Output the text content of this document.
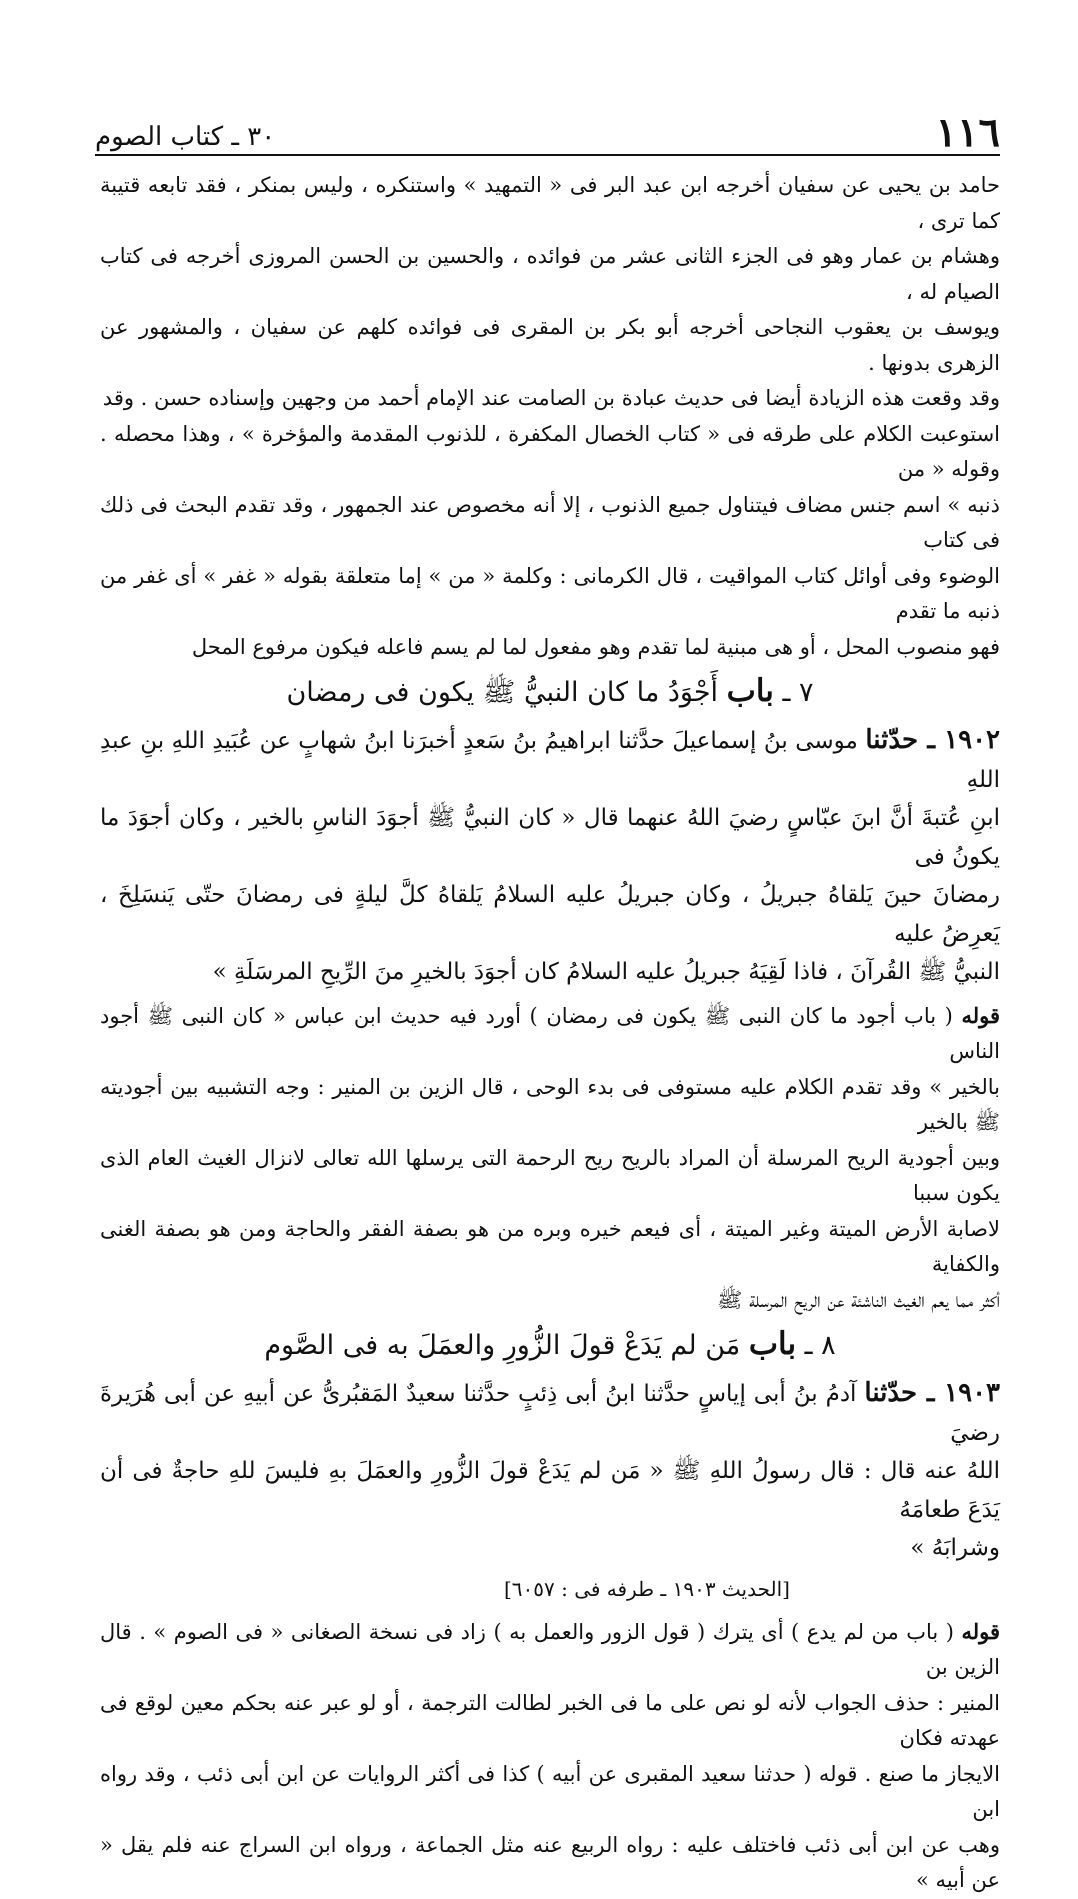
٣٠ ـ كتاب الصوم	١١٦

حامد بن يحيى عن سفيان أخرجه ابن عبد البر فى « التمهيد » واستنكره ، وليس بمنكر ، فقد تابعه قتيبة كما ترى ،

وهشام بن عمار وهو فى الجزء الثانى عشر من فوائده ، والحسين بن الحسن المروزى أخرجه فى كتاب الصيام له ،

ويوسف بن يعقوب النجاحى أخرجه أبو بكر بن المقرى فى فوائده كلهم عن سفيان ، والمشهور عن الزهرى بدونها .

وقد وقعت هذه الزيادة أيضا فى حديث عبادة بن الصامت عند الإمام أحمد من وجهين وإسناده حسن . وقد

استوعبت الكلام على طرقه فى « كتاب الخصال المكفرة ، للذنوب المقدمة والمؤخرة » ، وهذا محصله . وقوله « من

ذنبه » اسم جنس مضاف فيتناول جميع الذنوب ، إلا أنه مخصوص عند الجمهور ، وقد تقدم البحث فى ذلك فى كتاب

الوضوء وفى أوائل كتاب المواقيت ، قال الكرمانى : وكلمة « من » إما متعلقة بقوله « غفر » أى غفر من ذنبه ما تقدم

فهو منصوب المحل ، أو هى مبنية لما تقدم وهو مفعول لما لم يسم فاعله فيكون مرفوع المحل

٧ ـ باب أَجْوَدُ ما كان النبيُّ ﷺ يكون فى رمضان

١٩٠٢ ـ حدّثنا موسى بنُ إسماعيلَ حدَّثنا ابراهيمُ بنُ سَعدٍ أخبرَنا ابنُ شهابٍ عن عُبَيدِ اللهِ بنِ عبدِ اللهِ

ابنِ عُتبةَ أنَّ ابنَ عبّاسٍ رضيَ اللهُ عنهما قال « كان النبيُّ ﷺ أجوَدَ الناسِ بالخير ، وكان أجوَدَ ما يكونُ فى

رمضانَ حينَ يَلقاهُ جبريلُ ، وكان جبريلُ عليه السلامُ يَلقاهُ كلَّ ليلةٍ فى رمضانَ حتّى يَنسَلِخَ ، يَعرِضُ عليه

النبيُّ ﷺ القُرآنَ ، فاذا لَقِيَهُ جبريلُ عليه السلامُ كان أجوَدَ بالخيرِ منَ الرِّيحِ المرسَلَةِ »

قوله ( باب أجود ما كان النبى ﷺ يكون فى رمضان ) أورد فيه حديث ابن عباس « كان النبى ﷺ أجود الناس

بالخير » وقد تقدم الكلام عليه مستوفى فى بدء الوحى ، قال الزين بن المنير : وجه التشبيه بين أجوديته ﷺ بالخير

وبين أجودية الريح المرسلة أن المراد بالريح ريح الرحمة التى يرسلها الله تعالى لانزال الغيث العام الذى يكون سببا

لاصابة الأرض الميتة وغير الميتة ، أى فيعم خيره وبره من هو بصفة الفقر والحاجة ومن هو بصفة الغنى والكفاية

أكثر مما يعم الغيث الناشئة عن الريح المرسلة ﷺ

٨ ـ باب مَن لم يَدَعْ قولَ الزُّورِ والعمَلَ به فى الصَّوم

١٩٠٣ ـ حدّثنا آدمُ بنُ أبى إياسٍ حدَّثنا ابنُ أبى ذِئبٍ حدَّثنا سعيدٌ المَقبُرىُّ عن أبيهِ عن أبى هُرَيرةَ رضيَ

اللهُ عنه قال : قال رسولُ اللهِ ﷺ « مَن لم يَدَعْ قولَ الزُّورِ والعمَلَ بهِ فليسَ للهِ حاجةٌ فى أن يَدَعَ طعامَهُ

وشرابَهُ »

[الحديث ١٩٠٣ ـ طرفه فى : ٦٠٥٧]

قوله ( باب من لم يدع ) أى يترك ( قول الزور والعمل به ) زاد فى نسخة الصغانى « فى الصوم » . قال الزين بن

المنير : حذف الجواب لأنه لو نص على ما فى الخبر لطالت الترجمة ، أو لو عبر عنه بحكم معين لوقع فى عهدته فكان

الايجاز ما صنع . قوله ( حدثنا سعيد المقبرى عن أبيه ) كذا فى أكثر الروايات عن ابن أبى ذئب ، وقد رواه ابن

وهب عن ابن أبى ذئب فاختلف عليه : رواه الربيع عنه مثل الجماعة ، ورواه ابن السراج عنه فلم يقل « عن أبيه »
